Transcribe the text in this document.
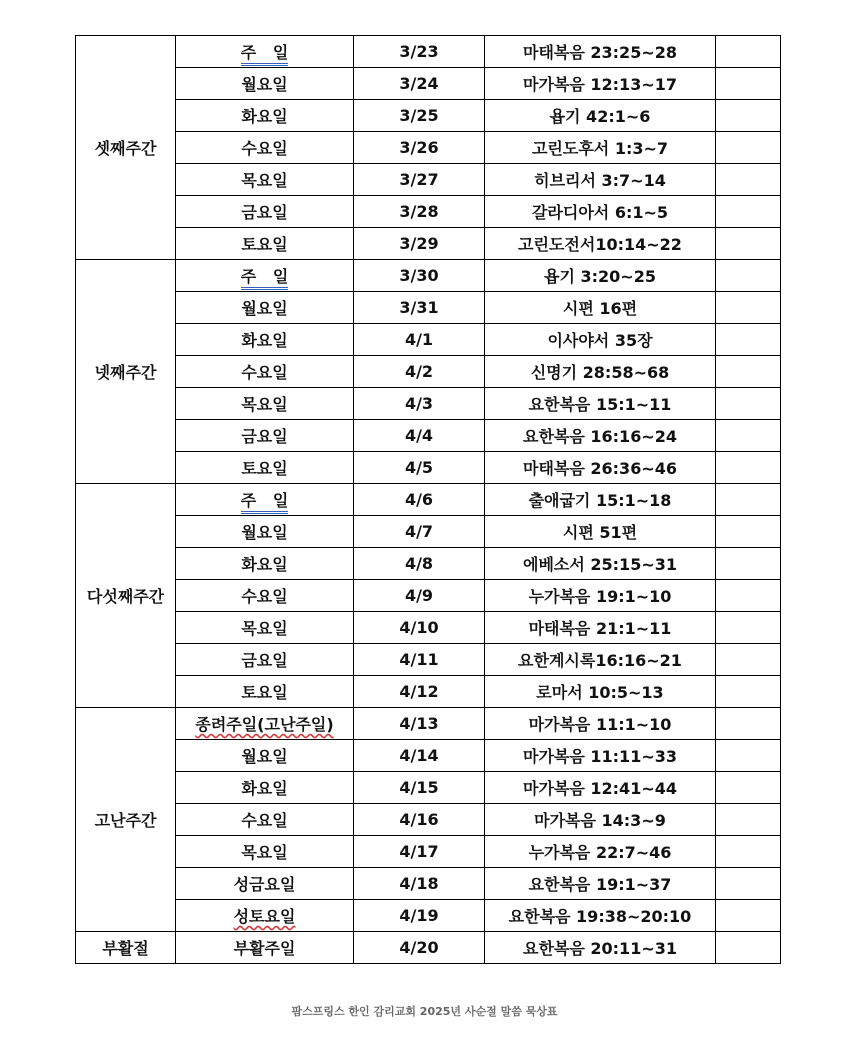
셋째주간	주   일	3/23	마태복음 23:25~28	
	월요일	3/24	마가복음 12:13~17	
	화요일	3/25	욥기 42:1~6	
	수요일	3/26	고린도후서 1:3~7	
	목요일	3/27	히브리서 3:7~14	
	금요일	3/28	갈라디아서 6:1~5	
	토요일	3/29	고린도전서10:14~22	
넷째주간	주   일	3/30	욥기 3:20~25	
	월요일	3/31	시편 16편	
	화요일	4/1	이사야서 35장	
	수요일	4/2	신명기 28:58~68	
	목요일	4/3	요한복음 15:1~11	
	금요일	4/4	요한복음 16:16~24	
	토요일	4/5	마태복음 26:36~46	
다섯째주간	주   일	4/6	출애굽기 15:1~18	
	월요일	4/7	시편 51편	
	화요일	4/8	에베소서 25:15~31	
	수요일	4/9	누가복음 19:1~10	
	목요일	4/10	마태복음 21:1~11	
	금요일	4/11	요한계시록16:16~21	
	토요일	4/12	로마서 10:5~13	
고난주간	종려주일(고난주일)	4/13	마가복음 11:1~10	
	월요일	4/14	마가복음 11:11~33	
	화요일	4/15	마가복음 12:41~44	
	수요일	4/16	마가복음 14:3~9	
	목요일	4/17	누가복음 22:7~46	
	성금요일	4/18	요한복음 19:1~37	
	성토요일	4/19	요한복음 19:38~20:10	
부활절	부활주일	4/20	요한복음 20:11~31	
팜스프링스 한인 감리교회 2025년 사순절 말씀 묵상표
